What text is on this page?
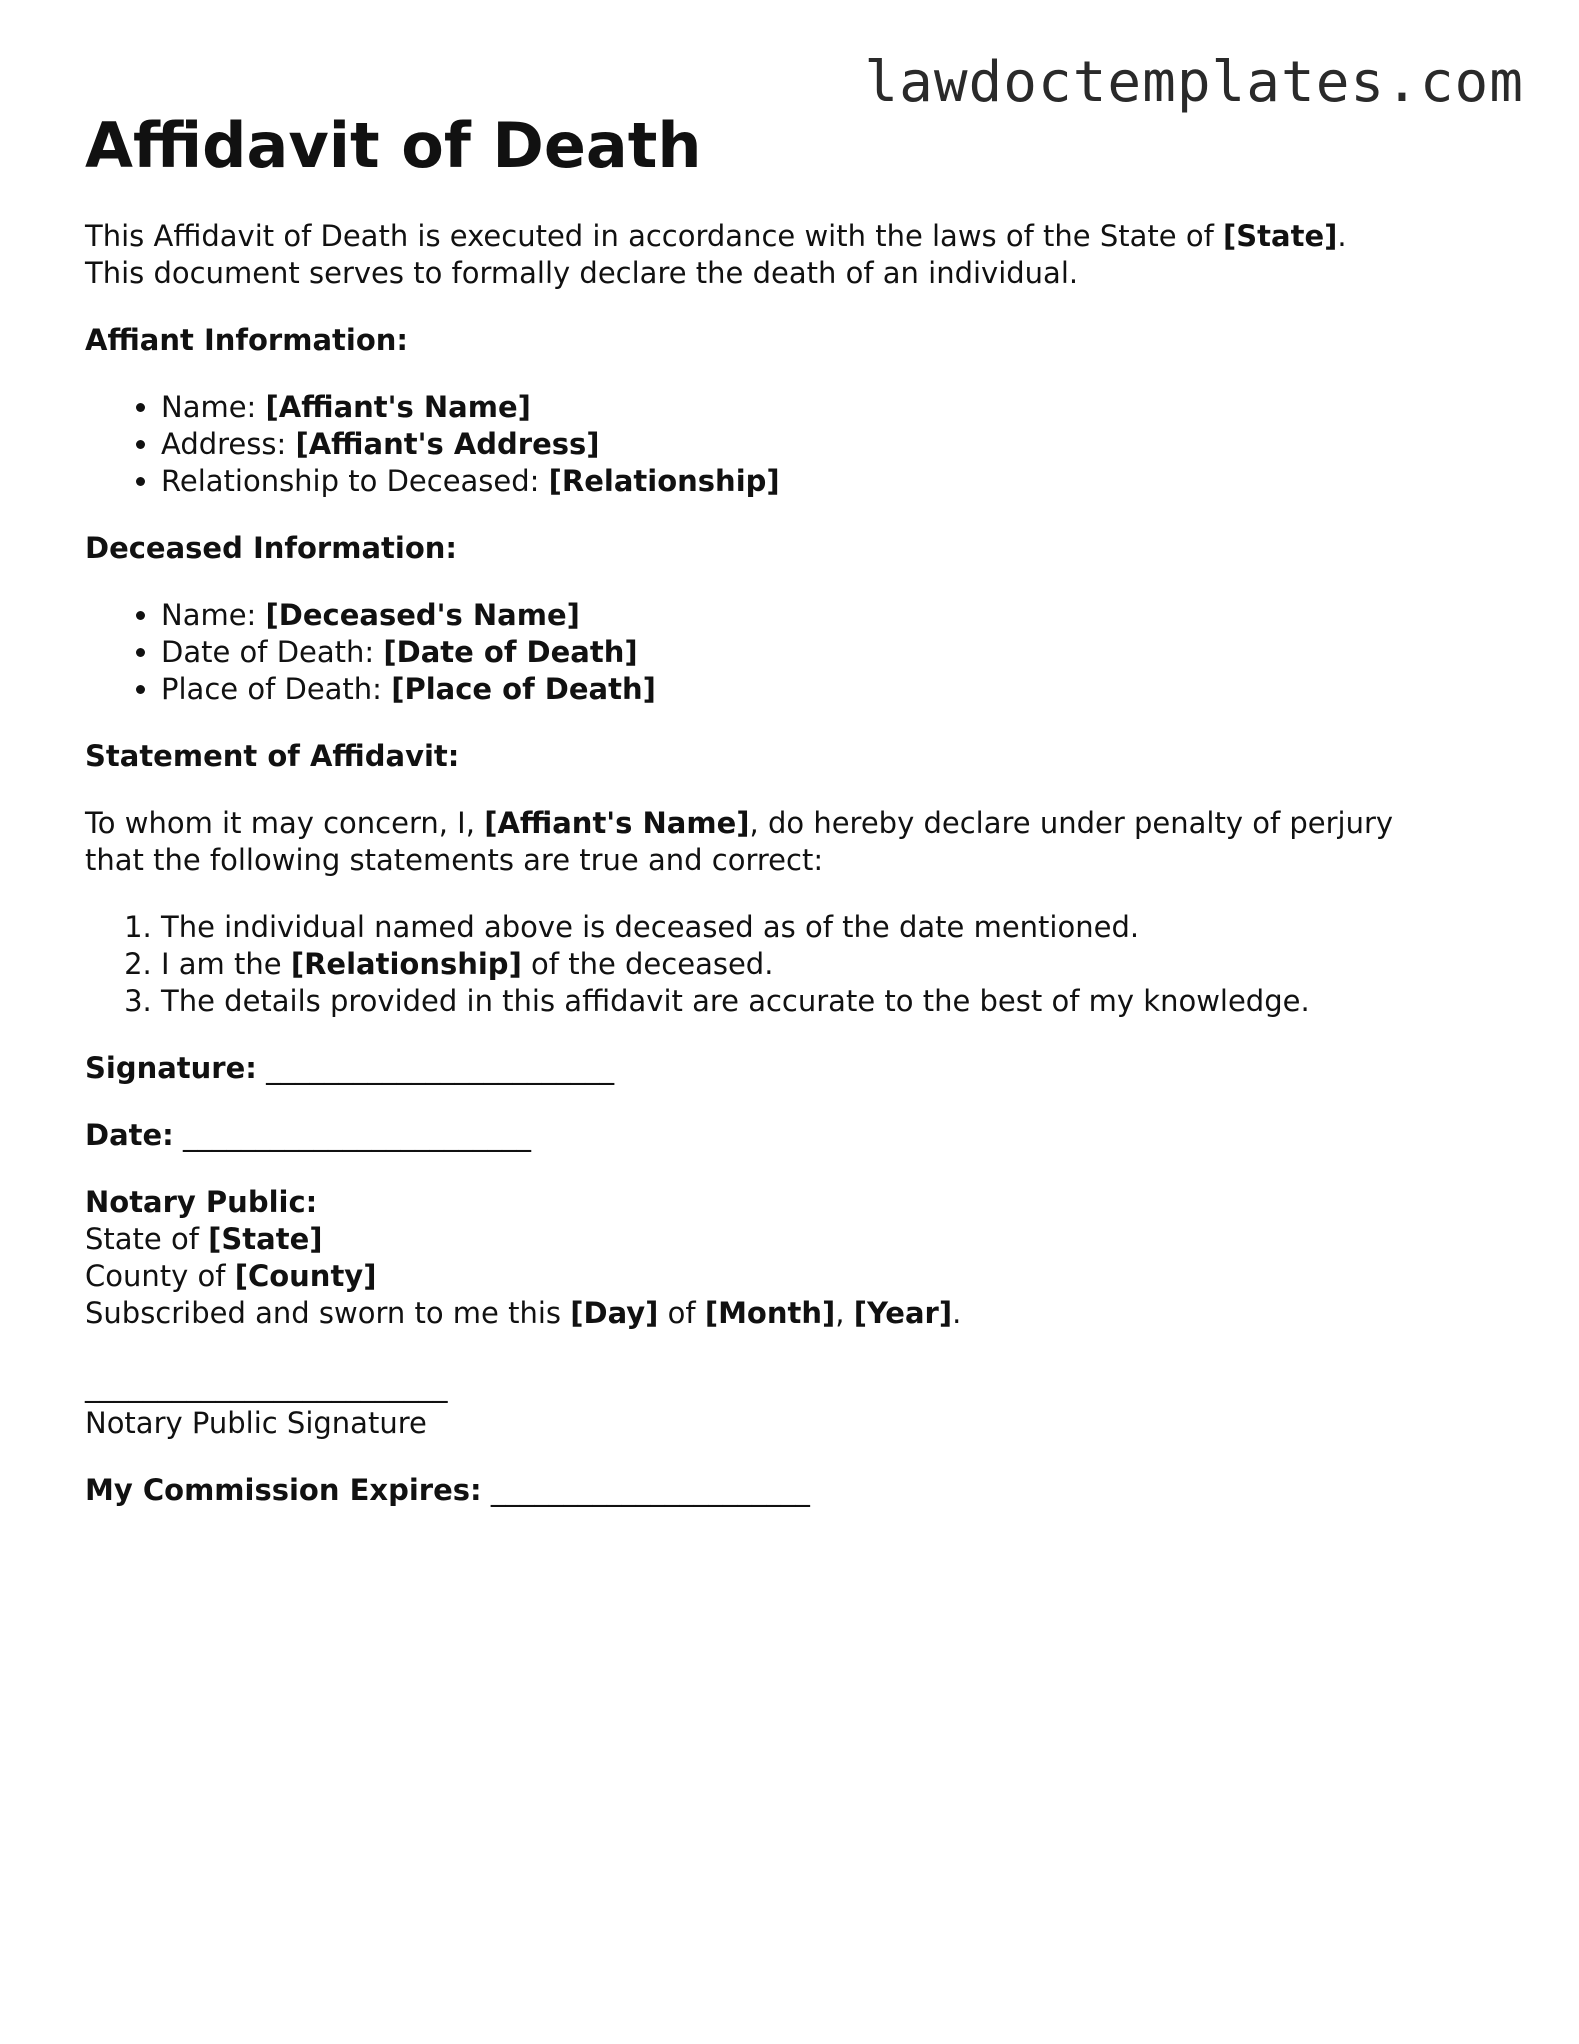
lawdoctemplates.com
Affidavit of Death

This Affidavit of Death is executed in accordance with the laws of the State of [State].
This document serves to formally declare the death of an individual.

Affiant Information:

• Name: [Affiant's Name]
• Address: [Affiant's Address]
• Relationship to Deceased: [Relationship]

Deceased Information:

• Name: [Deceased's Name]
• Date of Death: [Date of Death]
• Place of Death: [Place of Death]

Statement of Affidavit:

To whom it may concern, I, [Affiant's Name], do hereby declare under penalty of perjury
that the following statements are true and correct:

1. The individual named above is deceased as of the date mentioned.
2. I am the [Relationship] of the deceased.
3. The details provided in this affidavit are accurate to the best of my knowledge.

Signature: ________________________

Date: ________________________

Notary Public:

State of [State]

County of [County]

Subscribed and sworn to me this [Day] of [Month], [Year].

_________________________

Notary Public Signature

My Commission Expires: ______________________
